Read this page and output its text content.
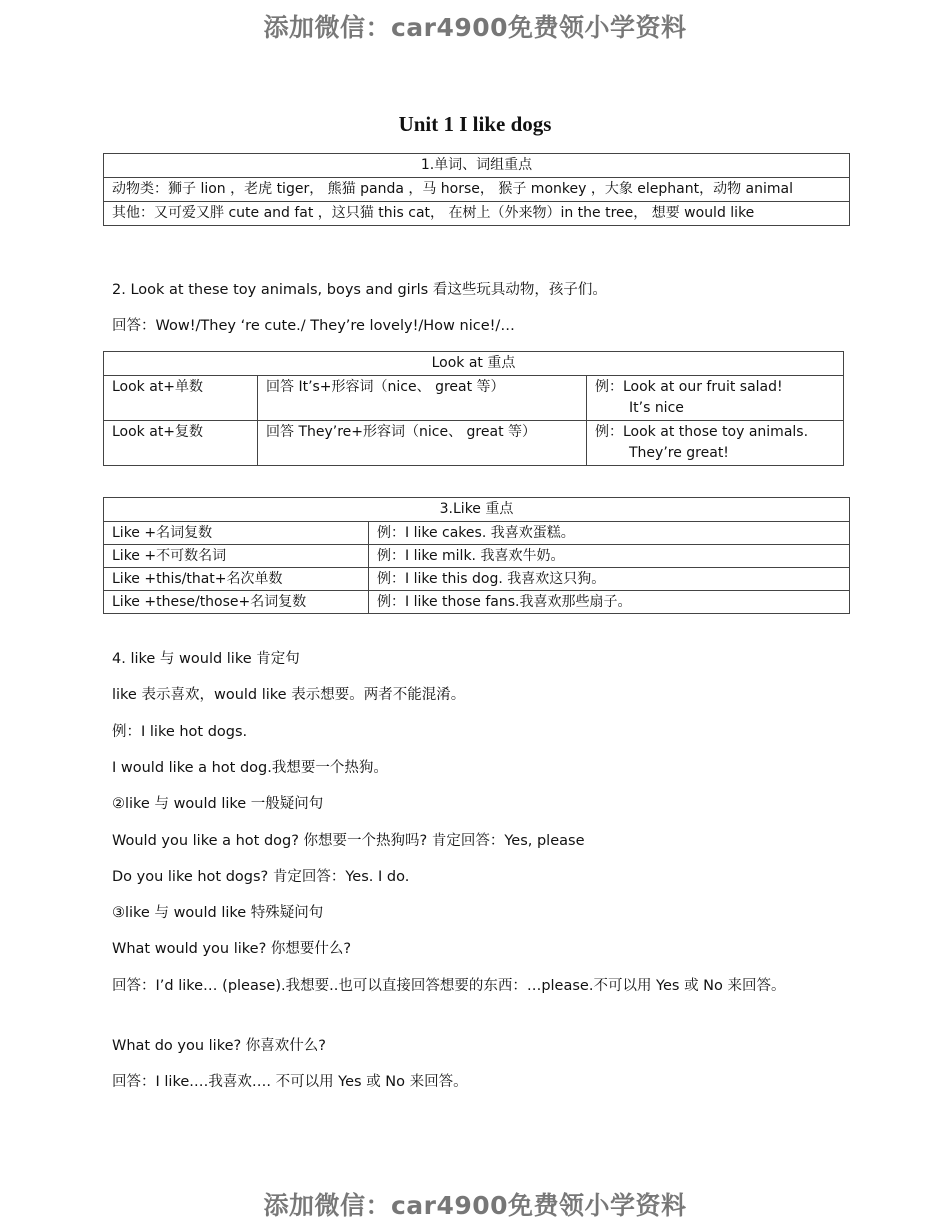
添加微信：car4900免费领小学资料
Unit 1 I like dogs
1.单词、词组重点
动物类：狮子 lion ，老虎 tiger， 熊猫 panda ，马 horse， 猴子 monkey ，大象 elephant，动物 animal
其他：又可爱又胖 cute and fat ，这只猫 this cat， 在树上（外来物）in the tree， 想要 would like
2. Look at these toy animals, boys and girls 看这些玩具动物，孩子们。
回答：Wow!/They ‘re cute./ They’re lovely!/How nice!/…
Look at 重点		
Look at+单数	回答 It’s+形容词（nice、 great 等）	例：Look at our fruit salad!
It’s nice

Look at+复数	回答 They’re+形容词（nice、 great 等）	例：Look at those toy animals.
They’re great!
3.Like 重点	
Like +名词复数	例：I like cakes. 我喜欢蛋糕。
Like +不可数名词	例：I like milk. 我喜欢牛奶。
Like +this/that+名次单数	例：I like this dog. 我喜欢这只狗。
Like +these/those+名词复数	例：I like those fans.我喜欢那些扇子。
4. like 与 would like 肯定句
like 表示喜欢，would like 表示想要。两者不能混淆。
例：I like hot dogs.
I would like a hot dog.我想要一个热狗。
②like 与 would like 一般疑问句
Would you like a hot dog? 你想要一个热狗吗? 肯定回答：Yes, please
Do you like hot dogs? 肯定回答：Yes. I do.
③like 与 would like 特殊疑问句
What would you like? 你想要什么?
回答：I’d like… (please).我想要..也可以直接回答想要的东西：…please.不可以用 Yes 或 No 来回答。
What do you like? 你喜欢什么?
回答：I like.…我喜欢…. 不可以用 Yes 或 No 来回答。
添加微信：car4900免费领小学资料
